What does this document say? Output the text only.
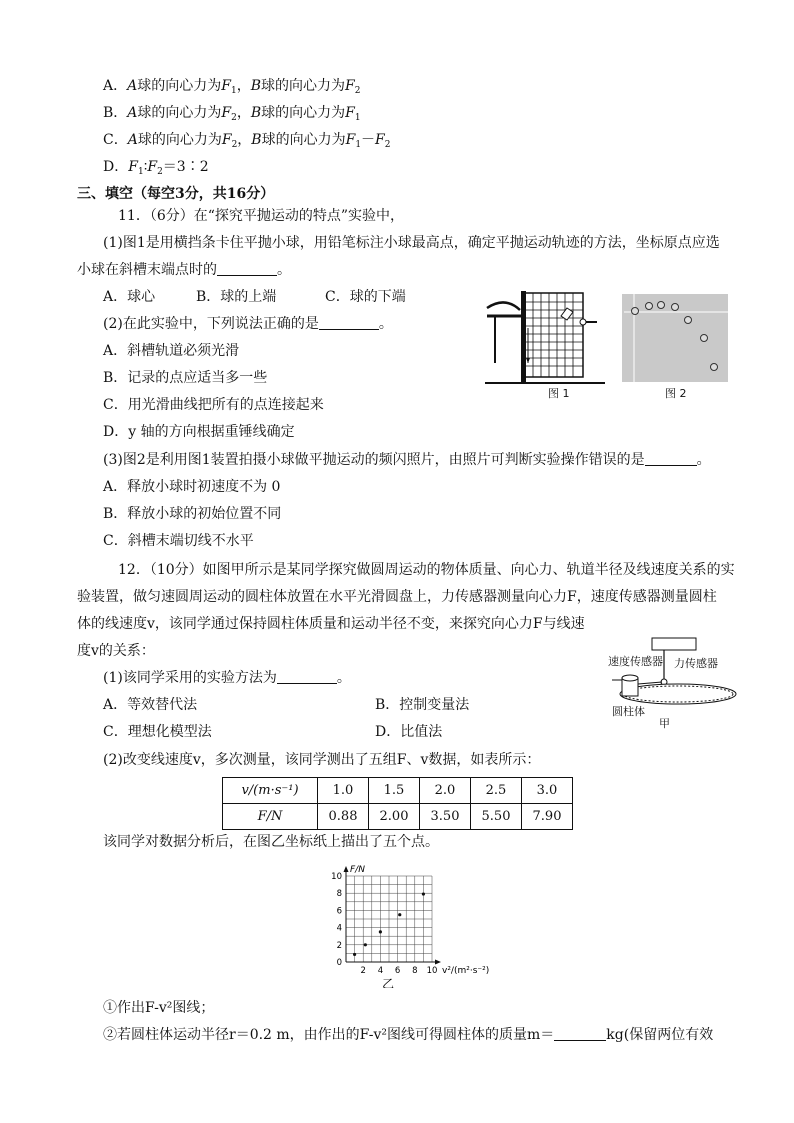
A．A球的向心力为$F_1$，B球的向心力为$F_2$
B．A球的向心力为$F_2$，B球的向心力为$F_1$
C．A球的向心力为$F_2$，B球的向心力为$F_1-F_2$
D．$F_1∶F_2=3∶2$
三、填空（每空3分，共16分）
11．（6分）在“探究平抛运动的特点”实验中，
(1)图1是用横挡条卡住平抛小球，用铅笔标注小球最高点，确定平抛运动轨迹的方法，坐标原点应选
小球在斜槽末端点时的	。
A．球心	B．球的上端	C．球的下端
(2)在此实验中，下列说法正确的是	。
A．斜槽轨道必须光滑
B．记录的点应适当多一些
C．用光滑曲线把所有的点连接起来
D．y 轴的方向根据重锤线确定
(3)图2是利用图1装置拍摄小球做平抛运动的频闪照片，由照片可判断实验操作错误的是	。
A．释放小球时初速度不为 0
B．释放小球的初始位置不同
C．斜槽末端切线不水平
图 1	图 2
12．（10分）如图甲所示是某同学探究做圆周运动的物体质量、向心力、轨道半径及线速度关系的实
验装置，做匀速圆周运动的圆柱体放置在水平光滑圆盘上，力传感器测量向心力F，速度传感器测量圆柱
体的线速度v，该同学通过保持圆柱体质量和运动半径不变，来探究向心力F与线速
度v的关系：
(1)该同学采用的实验方法为	。
A．等效替代法	B．控制变量法
C．理想化模型法	D．比值法
(2)改变线速度v，多次测量，该同学测出了五组F、v数据，如表所示：
速度传感器 力传感器
圆柱体
甲
v/(m·s⁻¹)	1.0	1.5	2.0	2.5	3.0
F/N	0.88	2.00	3.50	5.50	7.90
该同学对数据分析后，在图乙坐标纸上描出了五个点。
0
2
4
6
8
10
2 4 6 8 10
F/N
v²/(m²·s⁻²)
乙
①作出F-v²图线；
②若圆柱体运动半径r＝0.2 m，由作出的F-v²图线可得圆柱体的质量m＝	kg(保留两位有效
